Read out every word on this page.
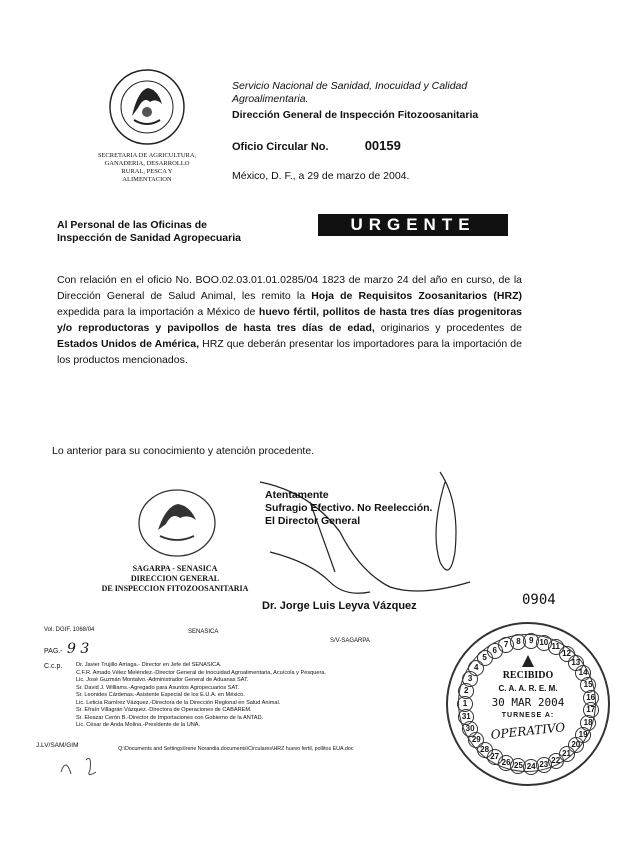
SECRETARIA DE AGRICULTURA,
GANADERIA, DESARROLLO
RURAL, PESCA Y
ALIMENTACION
Servicio Nacional de Sanidad, Inocuidad y Calidad
Agroalimentaria.
Dirección General de Inspección Fitozoosanitaria
Oficio Circular No.	00159
México, D. F., a 29 de marzo de 2004.
Al Personal de las Oficinas de
Inspección de Sanidad Agropecuaria
URGENTE
Con relación en el oficio No. BOO.02.03.01.01.0285/04 1823 de marzo 24 del año en curso, de la Dirección General de Salud Animal, les remito la Hoja de Requisitos Zoosanitarios (HRZ) expedida para la importación a México de huevo fértil, pollitos de hasta tres días progenitoras y/o reproductoras y pavipollos de hasta tres días de edad, originarios y procedentes de Estados Unidos de América, HRZ que deberán presentar los importadores para la importación de los productos mencionados.
Lo anterior para su conocimiento y atención procedente.
Atentamente
Sufragio Efectivo. No Reelección.
El Director General
Dr. Jorge Luis Leyva Vázquez
SAGARPA - SENASICA
DIRECCION GENERAL
DE INSPECCION FITOZOOSANITARIA
Vol. DGIF. 1068/04	SENASICA
S/V-SAGARPA
PAG.- 9 3
0904
C.c.p. Dr. Javier Trujillo Arriaga.- Director en Jefe del SENASICA.
C.F.R. Amado Vélez Meléndez.-Director General de Inocuidad Agroalimentaria, Acuícola y Pesquera.
Lic. José Guzmán Montalvo.-Administrador General de Aduanas SAT.
Sr. David J. Williams.-Agregado para Asuntos Agropecuarios SAT.
Sr. Leonides Cárdenas.-Asistente Especial de los E.U.A. en México.
Lic. Leticia Ramírez Vázquez.-Directora de la Dirección Regional en Salud Animal.
Sr. Efraín Villagrán Vázquez.-Directora de Operaciones de CABAREM.
Sr. Eleazar Cerón B.-Director de Importaciones con Gobierno de la ANTAD.
Lic. César de Anda Molina.-Presidente de la UNA.
J.LV/SAM/GIM	Q:\Documents and Settings\Irene Norandia.documents\Circulares\HRZ huevo fertil, pollitos EUA.doc
1
2
3
4
5
6
7 8	9 10 11
12
13
14
15
16
17
18
19
20
21
22
23
24
25
26
27
28
29
30
31
RECIBIDO
C. A. A. R. E. M.
30 MAR 2004
TURNESE A:
OPERATIVO
